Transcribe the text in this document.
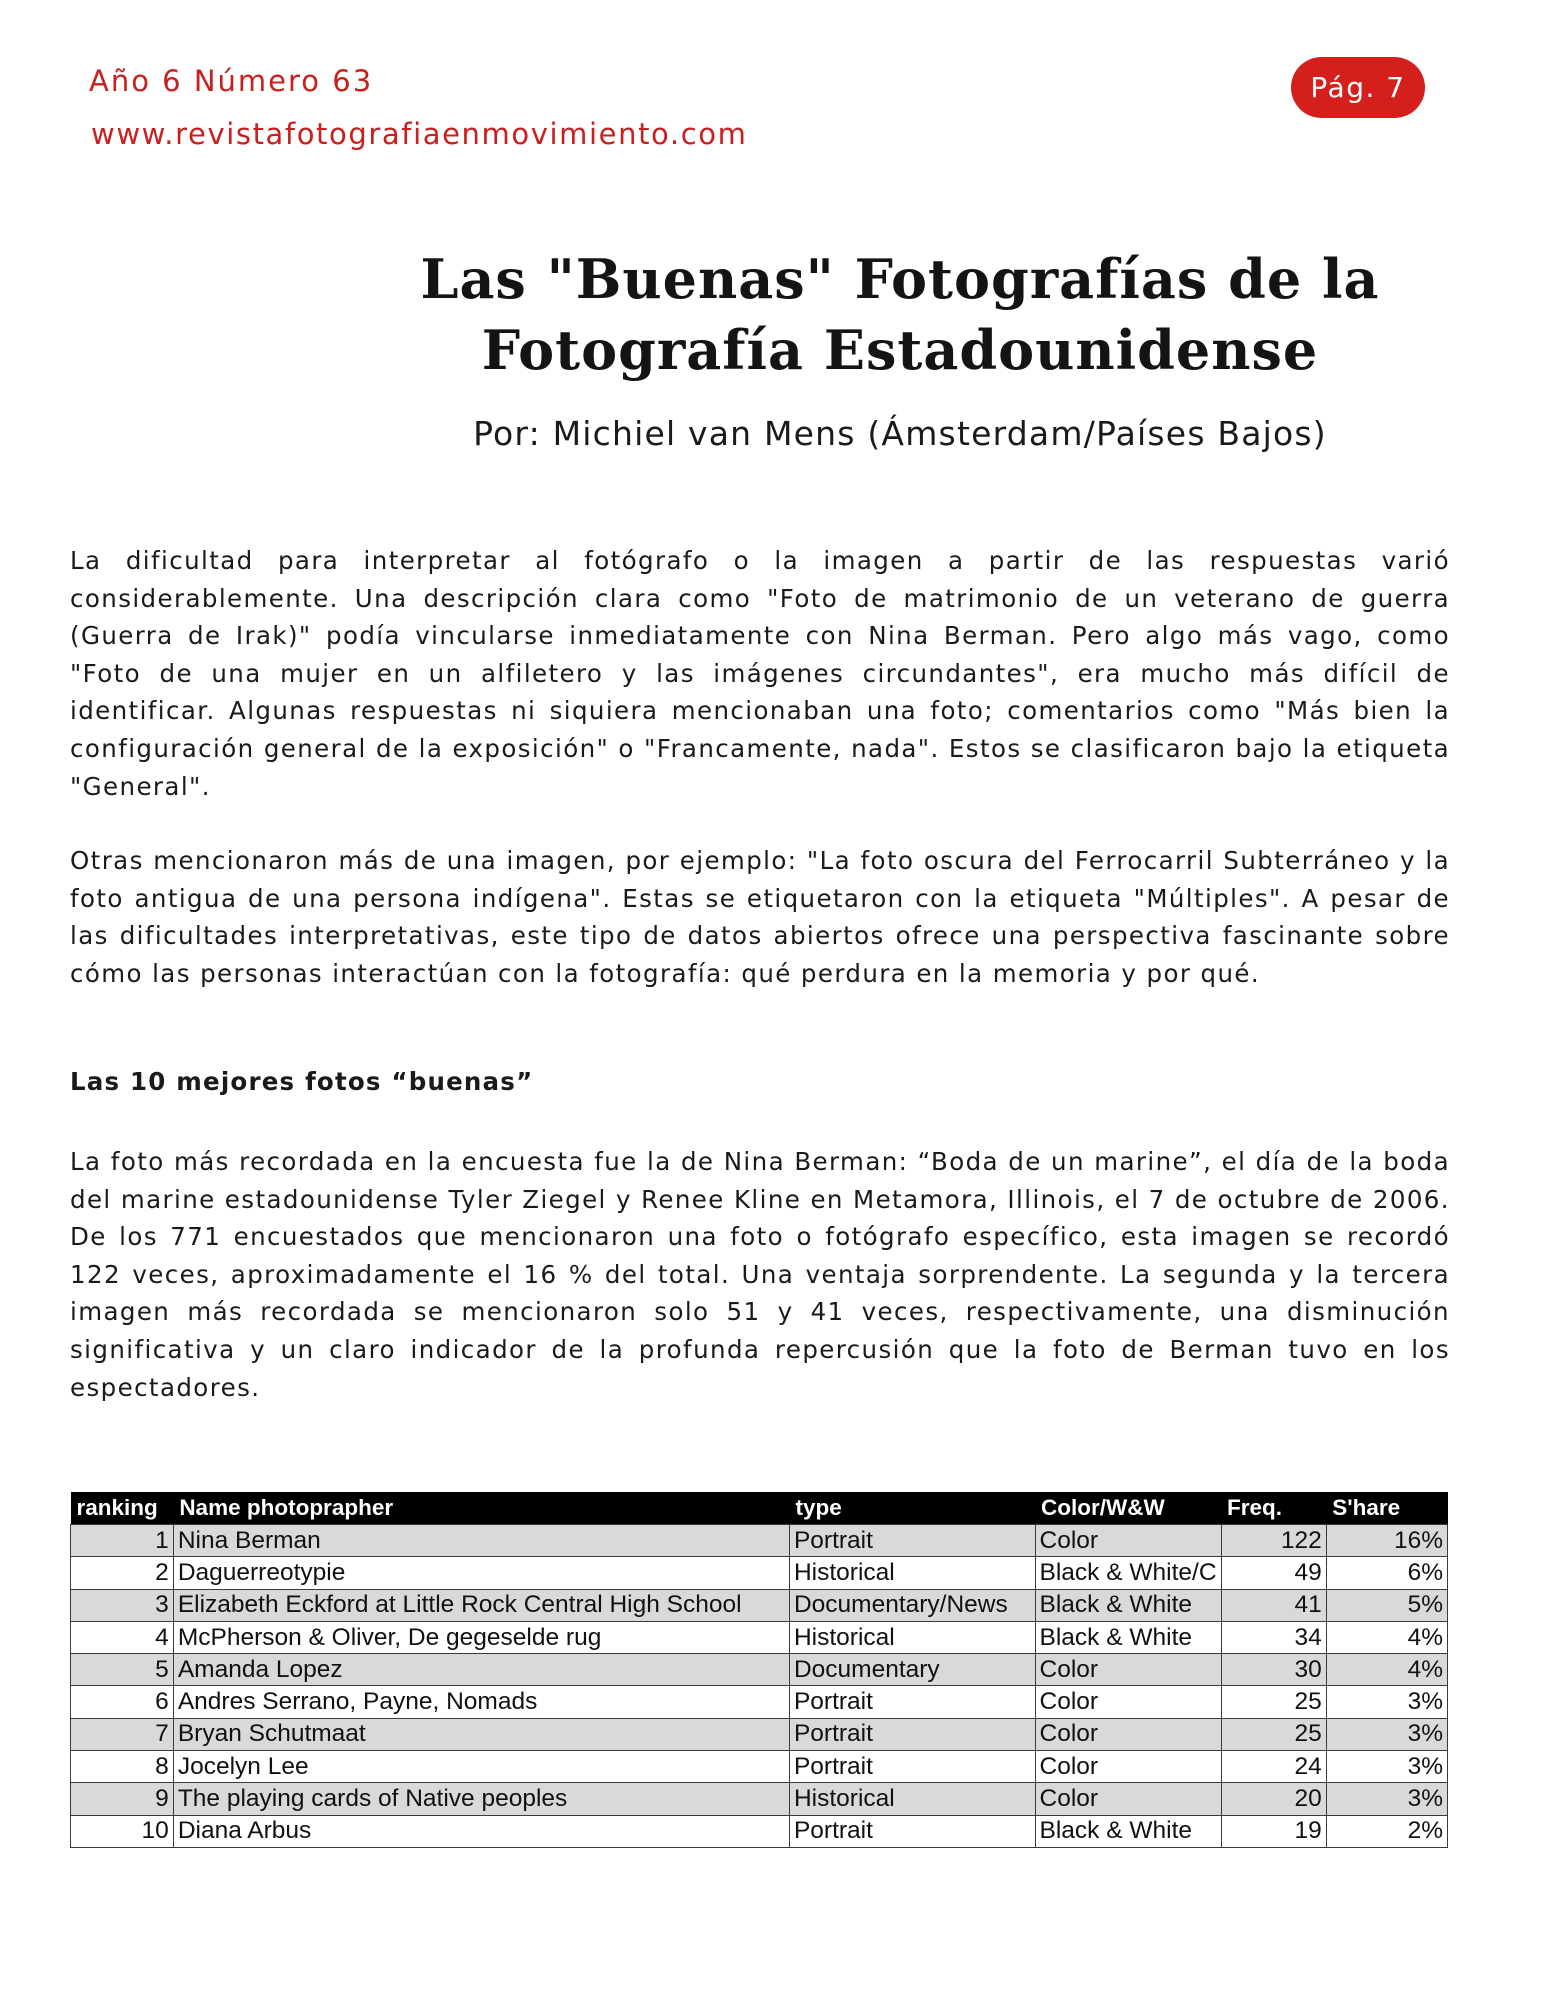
Año 6 Número 63
www.revistafotografiaenmovimiento.com
Pág. 7
Las "Buenas" Fotografías de la
Fotografía Estadounidense
Por: Michiel van Mens (Ámsterdam/Países Bajos)

La dificultad para interpretar al fotógrafo o la imagen a partir de las respuestas varió considerablemente. Una descripción clara como "Foto de matrimonio de un veterano de guerra (Guerra de Irak)" podía vincularse inmediatamente con Nina Berman. Pero algo más vago, como "Foto de una mujer en un alfiletero y las imágenes circundantes", era mucho más difícil de identificar. Algunas respuestas ni siquiera mencionaban una foto; comentarios como "Más bien la configuración general de la exposición" o "Francamente, nada". Estos se clasificaron bajo la etiqueta "General".

Otras mencionaron más de una imagen, por ejemplo: "La foto oscura del Ferrocarril Subterráneo y la foto antigua de una persona indígena". Estas se etiquetaron con la etiqueta "Múltiples". A pesar de las dificultades interpretativas, este tipo de datos abiertos ofrece una perspectiva fascinante sobre cómo las personas interactúan con la fotografía: qué perdura en la memoria y por qué.

Las 10 mejores fotos “buenas”

La foto más recordada en la encuesta fue la de Nina Berman: “Boda de un marine”, el día de la boda del marine estadounidense Tyler Ziegel y Renee Kline en Metamora, Illinois, el 7 de octubre de 2006. De los 771 encuestados que mencionaron una foto o fotógrafo específico, esta imagen se recordó 122 veces, aproximadamente el 16 % del total. Una ventaja sorprendente. La segunda y la tercera imagen más recordada se mencionaron solo 51 y 41 veces, respectivamente, una disminución significativa y un claro indicador de la profunda repercusión que la foto de Berman tuvo en los espectadores.

ranking	Name photoprapher	type	Color/W&W	Freq.	S'hare
1	Nina Berman	Portrait	Color	122	16%
2	Daguerreotypie	Historical	Black & White/C	49	6%
3	Elizabeth Eckford at Little Rock Central High School	Documentary/News	Black & White	41	5%
4	McPherson & Oliver, De gegeselde rug	Historical	Black & White	34	4%
5	Amanda Lopez	Documentary	Color	30	4%
6	Andres Serrano, Payne, Nomads	Portrait	Color	25	3%
7	Bryan Schutmaat	Portrait	Color	25	3%
8	Jocelyn Lee	Portrait	Color	24	3%
9	The playing cards of Native peoples	Historical	Color	20	3%
10	Diana Arbus	Portrait	Black & White	19	2%
